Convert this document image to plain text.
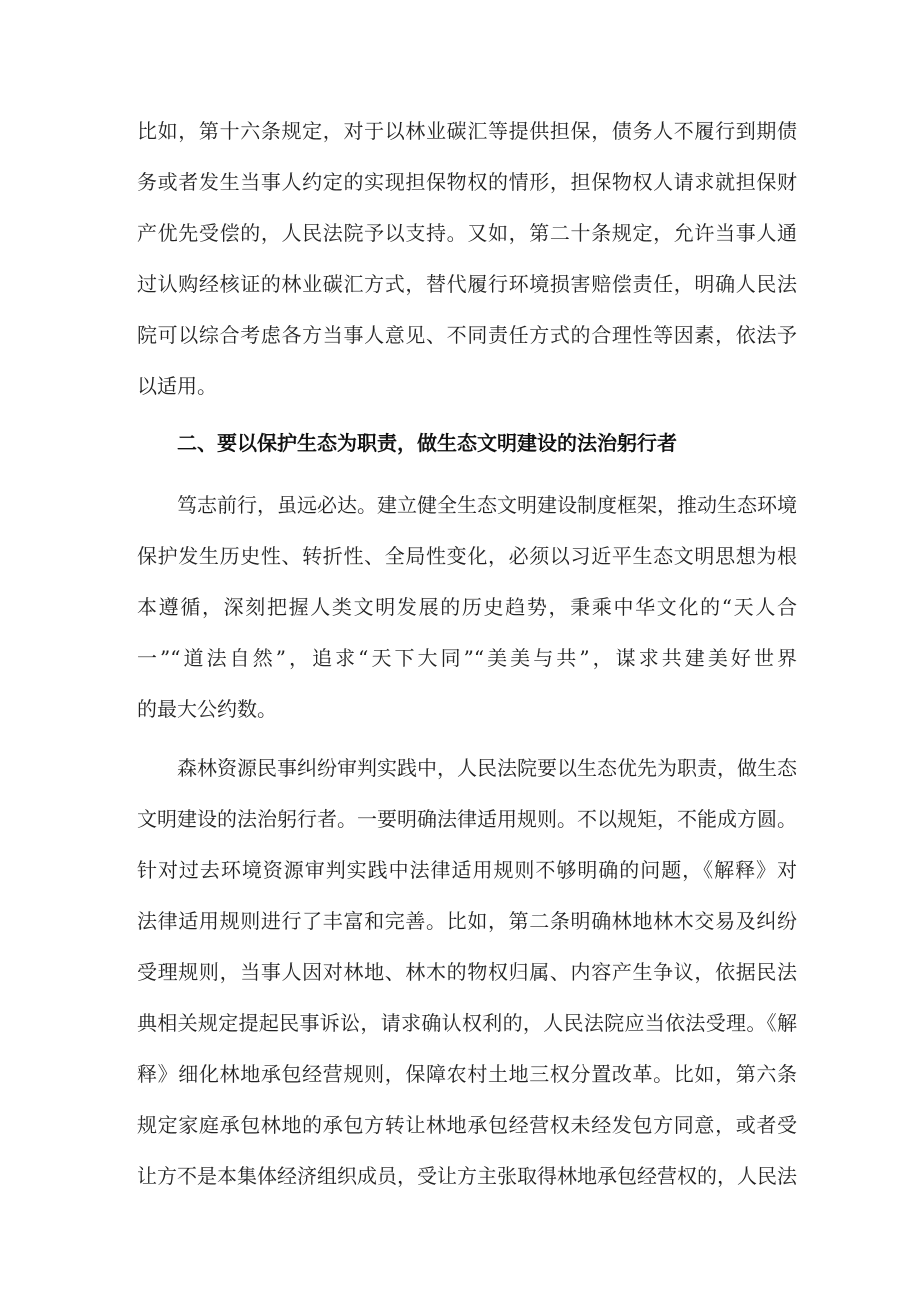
比如，第十六条规定，对于以林业碳汇等提供担保，债务人不履行到期债

务或者发生当事人约定的实现担保物权的情形，担保物权人请求就担保财

产优先受偿的，人民法院予以支持。又如，第二十条规定，允许当事人通

过认购经核证的林业碳汇方式，替代履行环境损害赔偿责任，明确人民法

院可以综合考虑各方当事人意见、不同责任方式的合理性等因素，依法予

以适用。

二、要以保护生态为职责，做生态文明建设的法治躬行者

笃志前行，虽远必达。建立健全生态文明建设制度框架，推动生态环境

保护发生历史性、转折性、全局性变化，必须以习近平生态文明思想为根

本遵循，深刻把握人类文明发展的历史趋势，秉乘中华文化的“天人合

一”“道法自然”，追求“天下大同”“美美与共”，谋求共建美好世界

的最大公约数。

森林资源民事纠纷审判实践中，人民法院要以生态优先为职责，做生态

文明建设的法治躬行者。一要明确法律适用规则。不以规矩，不能成方圆。

针对过去环境资源审判实践中法律适用规则不够明确的问题，《解释》对

法律适用规则进行了丰富和完善。比如，第二条明确林地林木交易及纠纷

受理规则，当事人因对林地、林木的物权归属、内容产生争议，依据民法

典相关规定提起民事诉讼，请求确认权利的，人民法院应当依法受理。《解

释》细化林地承包经营规则，保障农村土地三权分置改革。比如，第六条

规定家庭承包林地的承包方转让林地承包经营权未经发包方同意，或者受

让方不是本集体经济组织成员，受让方主张取得林地承包经营权的，人民法
